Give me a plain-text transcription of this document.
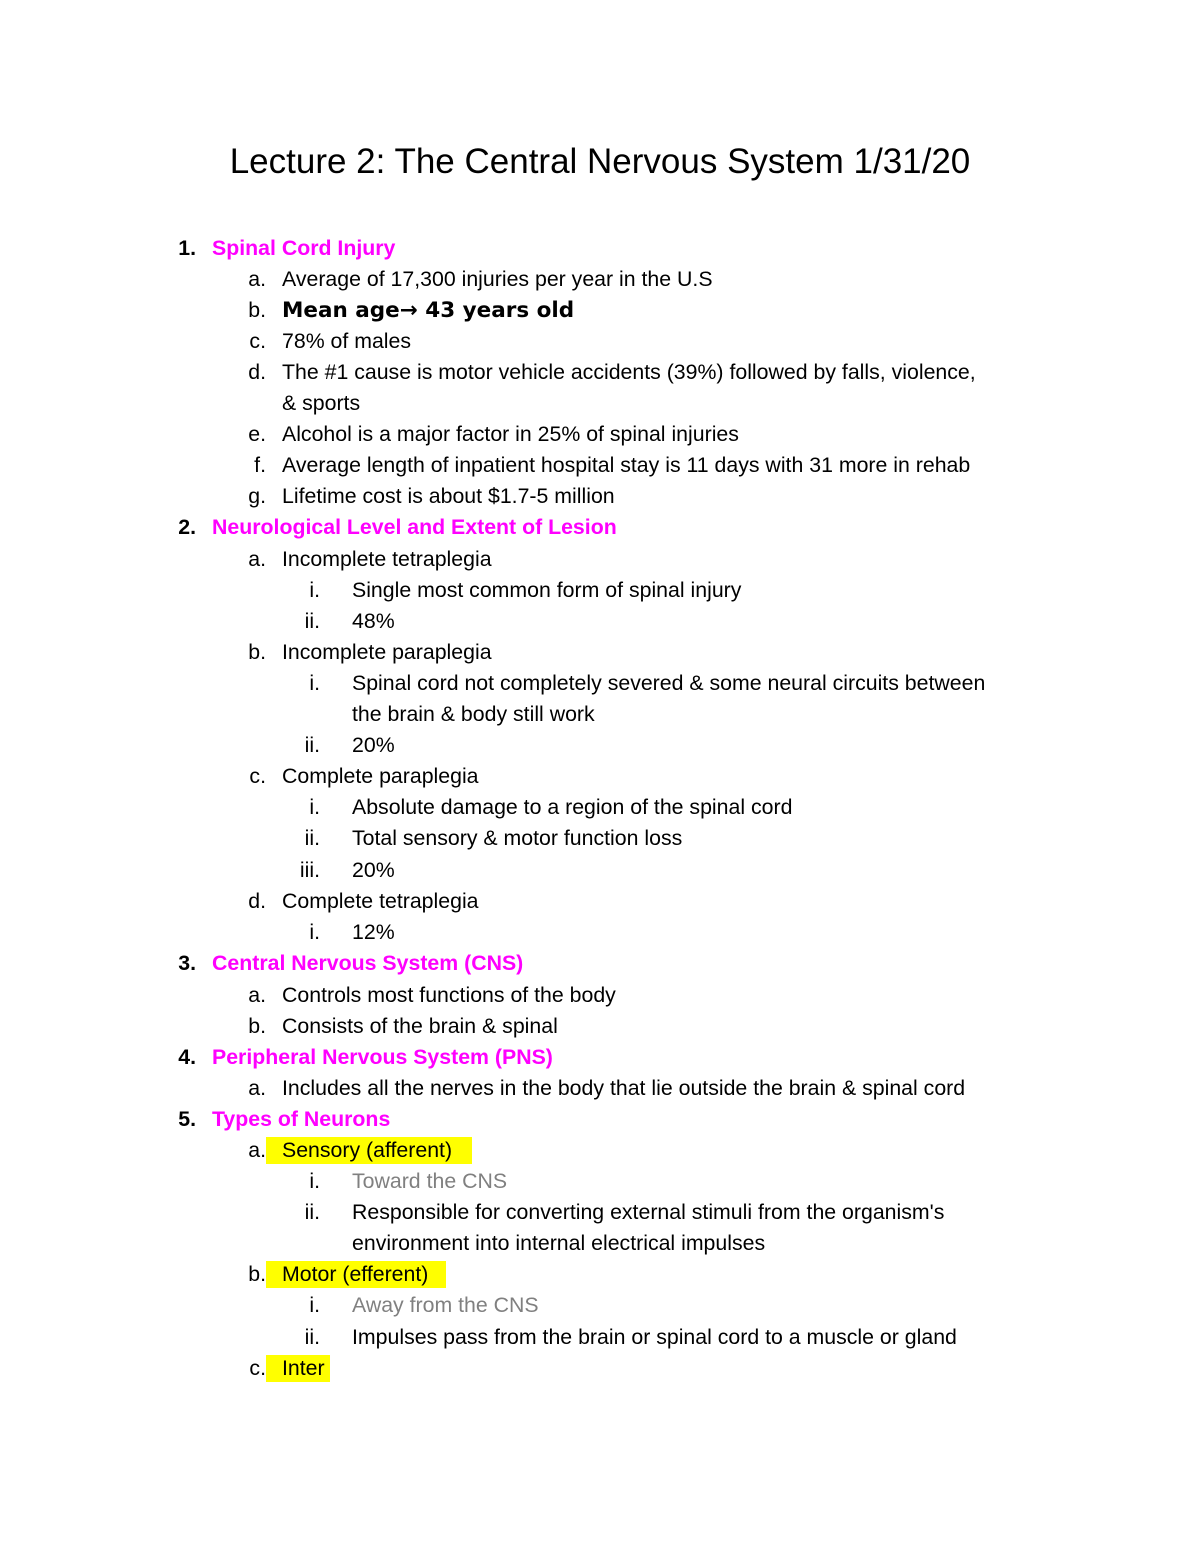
Lecture 2: The Central Nervous System 1/31/20
1. Spinal Cord Injury
a. Average of 17,300 injuries per year in the U.S
b. Mean age→ 43 years old
c. 78% of males
d. The #1 cause is motor vehicle accidents (39%) followed by falls, violence,
& sports
e. Alcohol is a major factor in 25% of spinal injuries
f. Average length of inpatient hospital stay is 11 days with 31 more in rehab
g. Lifetime cost is about $1.7-5 million
2. Neurological Level and Extent of Lesion
a. Incomplete tetraplegia
i. Single most common form of spinal injury
ii. 48%
b. Incomplete paraplegia
i. Spinal cord not completely severed & some neural circuits between
the brain & body still work
ii. 20%
c. Complete paraplegia
i. Absolute damage to a region of the spinal cord
ii. Total sensory & motor function loss
iii. 20%
d. Complete tetraplegia
i. 12%
3. Central Nervous System (CNS)
a. Controls most functions of the body
b. Consists of the brain & spinal
4. Peripheral Nervous System (PNS)
a. Includes all the nerves in the body that lie outside the brain & spinal cord
5. Types of Neurons
a. Sensory (afferent)
i. Toward the CNS
ii. Responsible for converting external stimuli from the organism's
environment into internal electrical impulses
b. Motor (efferent)
i. Away from the CNS
ii. Impulses pass from the brain or spinal cord to a muscle or gland
c. Inter
